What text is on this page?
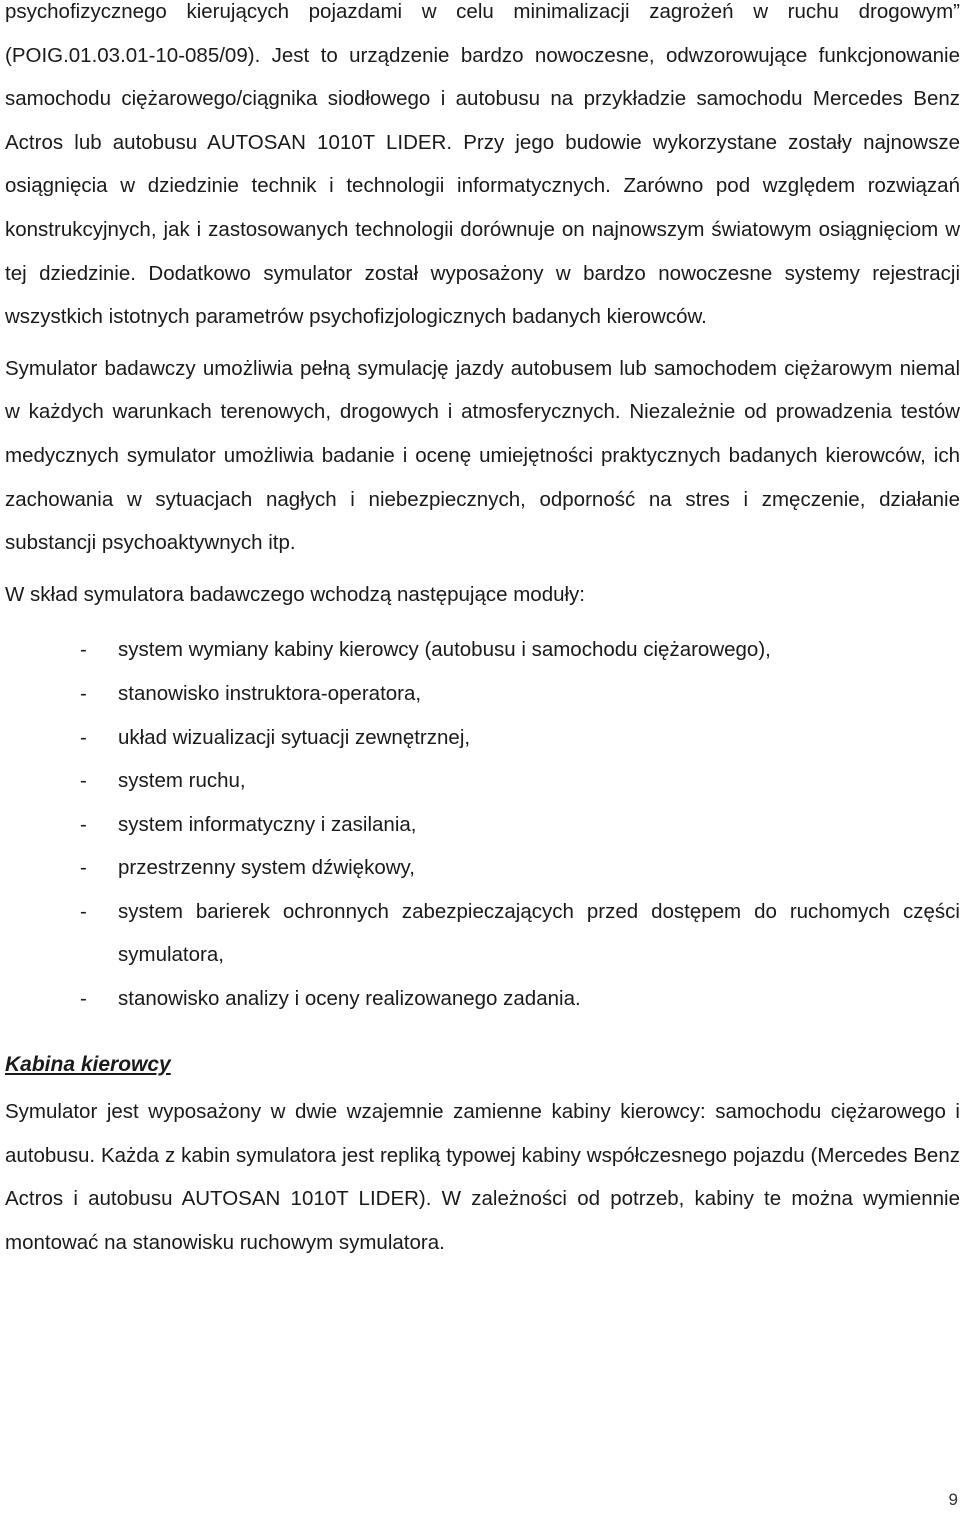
psychofizycznego kierujących pojazdami w celu minimalizacji zagrożeń w ruchu drogowym” (POIG.01.03.01-10-085/09). Jest to urządzenie bardzo nowoczesne, odwzorowujące funkcjonowanie samochodu ciężarowego/ciągnika siodłowego i autobusu na przykładzie samochodu Mercedes Benz Actros lub autobusu AUTOSAN 1010T LIDER. Przy jego budowie wykorzystane zostały najnowsze osiągnięcia w dziedzinie technik i technologii informatycznych. Zarówno pod względem rozwiązań konstrukcyjnych, jak i zastosowanych technologii dorównuje on najnowszym światowym osiągnięciom w tej dziedzinie. Dodatkowo symulator został wyposażony w bardzo nowoczesne systemy rejestracji wszystkich istotnych parametrów psychofizjologicznych badanych kierowców.

Symulator badawczy umożliwia pełną symulację jazdy autobusem lub samochodem ciężarowym niemal w każdych warunkach terenowych, drogowych i atmosferycznych. Niezależnie od prowadzenia testów medycznych symulator umożliwia badanie i ocenę umiejętności praktycznych badanych kierowców, ich zachowania w sytuacjach nagłych i niebezpiecznych, odporność na stres i zmęczenie, działanie substancji psychoaktywnych itp.

W skład symulatora badawczego wchodzą następujące moduły:

- system wymiany kabiny kierowcy (autobusu i samochodu ciężarowego),
- stanowisko instruktora-operatora,
- układ wizualizacji sytuacji zewnętrznej,
- system ruchu,
- system informatyczny i zasilania,
- przestrzenny system dźwiękowy,
- system barierek ochronnych zabezpieczających przed dostępem do ruchomych części symulatora,
- stanowisko analizy i oceny realizowanego zadania.
Kabina kierowcy

Symulator jest wyposażony w dwie wzajemnie zamienne kabiny kierowcy: samochodu ciężarowego i autobusu. Każda z kabin symulatora jest repliką typowej kabiny współczesnego pojazdu (Mercedes Benz Actros i autobusu AUTOSAN 1010T LIDER). W zależności od potrzeb, kabiny te można wymiennie montować na stanowisku ruchowym symulatora.

9
